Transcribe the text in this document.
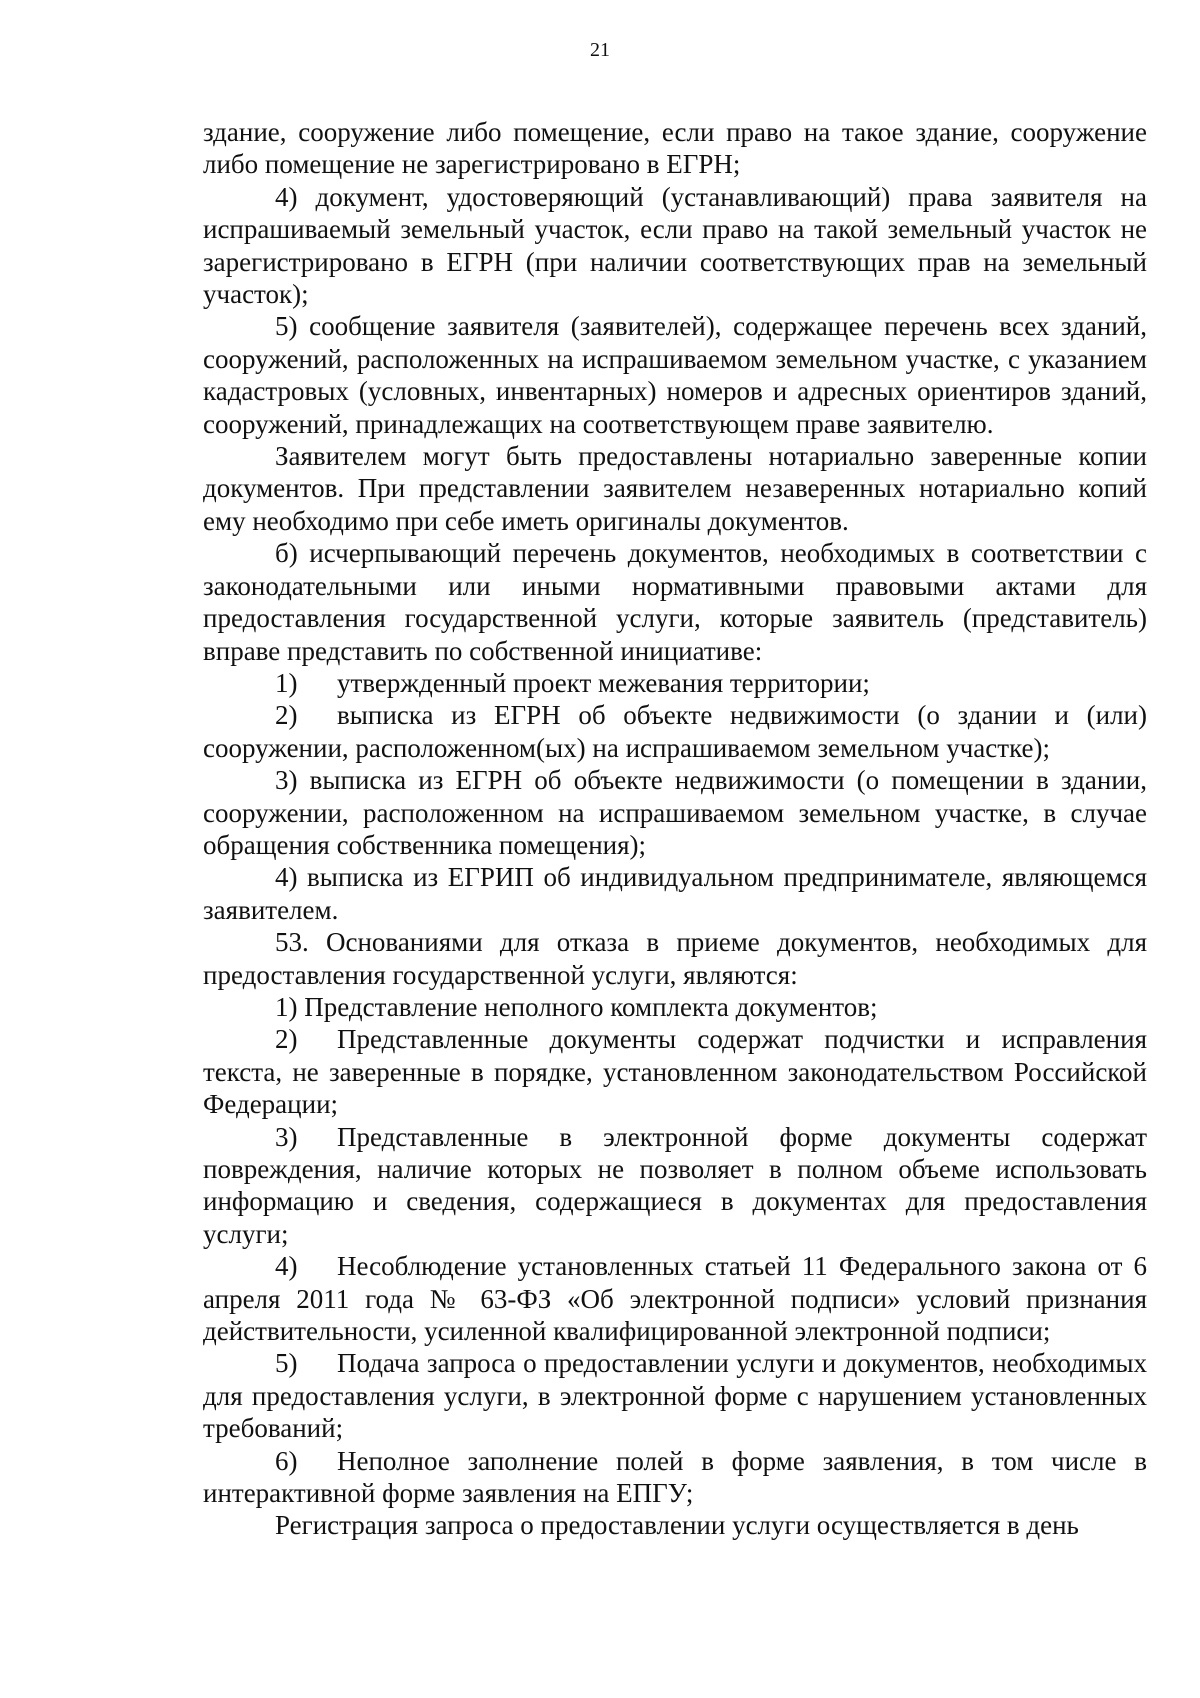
21

здание, сооружение либо помещение, если право на такое здание, сооружение либо помещение не зарегистрировано в ЕГРН;

4) документ, удостоверяющий (устанавливающий) права заявителя на испрашиваемый земельный участок, если право на такой земельный участок не зарегистрировано в ЕГРН (при наличии соответствующих прав на земельный участок);

5) сообщение заявителя (заявителей), содержащее перечень всех зданий, сооружений, расположенных на испрашиваемом земельном участке, с указанием кадастровых (условных, инвентарных) номеров и адресных ориентиров зданий, сооружений, принадлежащих на соответствующем праве заявителю.

Заявителем могут быть предоставлены нотариально заверенные копии документов. При представлении заявителем незаверенных нотариально копий ему необходимо при себе иметь оригиналы документов.

б) исчерпывающий перечень документов, необходимых в соответствии с законодательными или иными нормативными правовыми актами для предоставления государственной услуги, которые заявитель (представитель) вправе представить по собственной инициативе:

1) утвержденный проект межевания территории;

2) выписка из ЕГРН об объекте недвижимости (о здании и (или) сооружении, расположенном(ых) на испрашиваемом земельном участке);

3) выписка из ЕГРН об объекте недвижимости (о помещении в здании, сооружении, расположенном на испрашиваемом земельном участке, в случае обращения собственника помещения);

4) выписка из ЕГРИП об индивидуальном предпринимателе, являющемся заявителем.

53. Основаниями для отказа в приеме документов, необходимых для предоставления государственной услуги, являются:

1) Представление неполного комплекта документов;

2) Представленные документы содержат подчистки и исправления текста, не заверенные в порядке, установленном законодательством Российской Федерации;

3) Представленные в электронной форме документы содержат повреждения, наличие которых не позволяет в полном объеме использовать информацию и сведения, содержащиеся в документах для предоставления услуги;

4) Несоблюдение установленных статьей 11 Федерального закона от 6 апреля 2011 года № 63-ФЗ «Об электронной подписи» условий признания действительности, усиленной квалифицированной электронной подписи;

5) Подача запроса о предоставлении услуги и документов, необходимых для предоставления услуги, в электронной форме с нарушением установленных требований;

6) Неполное заполнение полей в форме заявления, в том числе в интерактивной форме заявления на ЕПГУ;

Регистрация запроса о предоставлении услуги осуществляется в день
